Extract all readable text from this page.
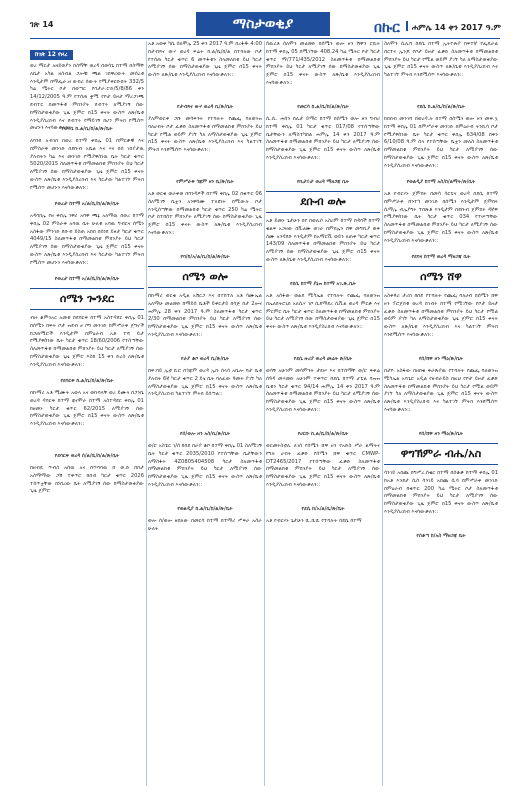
ገጽ 14	ማስታወቂያ	በኩር ሐምሌ 14 ቀን 2017 ዓ.ም
ከገጽ 12 የዞረ

ወረ ማርታ አዘይወያን በስማቸ ወረዳ በወሳጌ ከተማ በስማቸ ለኬታ አካል ዘስብል ጋሎቹ ጫል ገበዋሪውት መሰረቱ እንዲታም በማፌራ.ዘ ውበሪ ሰውት የሚያቀርቡበት 332/5 ካሬ ሜትር ቦታ በወጣር የባታራ.ሮድ/5/8/86 ቀን 14/12/2005 ዓ.ም የተሰጠ ቋሚ የቦታ ይዞታ ማረጋገጫ ደብተር በመጥፋቱ ምክንያት ደብተሩ ለሚያገኝ ሰው ከማስታወቂያው ጊዜ ጀምሮ በ15 ቀናት ውስጥ ለጽ/ቤቱ እንዲያስረክብ እና ደብተሩ የማይገኝ ከሆነ ምትክ የሚሰጥ መሆኑን እናሳውቃለን::

የወሳጌ ከ.ል/ቤ/ከ/ል/ጽ/ቤት

ለባንክ አብገበ በወረ ከተማ ቀበሌ 01 በምርቃዊ እና በምስራቅ መንገድ በደቡብ አቤል እና ሃና በሰ ገበያታዉ ያሉበትን ካሬ እና መንገድ የሚያዋስነዉ ቤት ካርታ ቁጥር 5020/2015 ስለመጥፋቱ በማመልከቱ ምክንያት ይህ ካርታ ለሚያገኝ ሰው ከማስታወቂያው ጊዜ ጀምሮ በ15 ቀናት ውስጥ ለጽ/ቤቱ እንዲያስረክብ እና ካርታው ካልተገኘ ምትክ የሚሰጥ መሆኑን እናሳውቃለን::

የወረታ ከተማ አ/ል/ቤ/ከ/ል/ጽ/ቤት

አዳባክሌ የዘ ቀበሌ ነዋሪ አባዋ ጫኔ አለማዉ በወረ ከተማ ቀበሌ 02 ምስራቅ አባዉ ቤት ሁለቱ አባዉ ግብርና ሰሜን አስፋው ምንገድ ደቡብ ይስጠ አበበ በሰነደ ይዞታ ካርታ ቁጥር 4049/15 ስለመጥፋቱ በማመልከቱ ምክንያት ይህ ካርታ ለሚያገኝ ሰው ከማስታወቂያው ጊዜ ጀምሮ በ15 ቀናት ውስጥ ለጽ/ቤቱ እንዲያስረክብ እና ካርታው ካልተገኘ ምትክ የሚሰጥ መሆኑን እናሳውቃለን::

የወረታ ከተማ አ/ል/ቤ/ከ/ል/ጽ/ቤት
ሰሜን ጐንደር

ብዙ ቆምንአር አመቱ በደባርቅ ከተማ አስተዳደር ቀበሌ 01 በሰሜን ከፍት ቦታ ዝደብ ፀ ቦግ መንገድ ከምሥራቅ ጀግኖች ከጋጠሚሮች እንዲታም በምዕራብ አቶ ተሻ ይታ የሚያዋስነው ቤት ካርታ ቁጥር 18/60/2006 የተሰጣቸው ስለመጥፋቱ በማመልከቱ ምክንያት ይህ ካርታ ለሚያገኝ ሰው ከማስታወቂያው ጊዜ ጀምሮ እስከ 15 ቀን ድረስ ለጽ/ቤቱ እንዲያስረክብ እናሳውቃለን::

የደባርቅ ከ.ል/ቤ/ከ/ል/ጽ/ቤት

በኩማሪ አቶ ሚሙት አወላ አና ወኩባላቸ ወረ ይሙላ በጋንቤ ወረዳ ዳባርቅ ከተማ ጃናሞራ ከተማ አስተዳደር ቀበሌ 01 ከዘመኑ ካርታ ቁጥር 62/2015 ለሚያገኝ ሰው ከማስታወቂያው ጊዜ ጀምሮ በ15 ቀናት ውስጥ ለጽ/ቤቱ እንዲያስረክብ እናሳውቃለን::

የደባርቅ ወረዳ ሰ/ል/ቤ/ከ/ል/ጽ/ቤት

በዘብዴ ጥብስ አሰዉ አና በጥባባዉ ሸ ወ.ድ ከበታ አስማማው ጋሽ ተቀጥሮ ከበብ ካርታ ቁጥር 2026 ተሰጥቷቸው ከነበረው ቤት ለሚያገኝ ሰው ከማስታወቂያው ጊዜ ጀምሮ

አቶ አወቀ ካሴ ሰለሞሌ 25 ቀን 2017 ዓ.ም ከረፋዱ 4:00 በታብጻና ውሃ ወረዳ ፍሬት ከ.ል/ቤ/ከ/ል በተባለው ቦታ የተሰጠ ካርታ ቁጥር 6 መጥፋቱን ስላመለከቱ ይህ ካርታ ለሚያገኝ ሰው ከማስታወቂያው ጊዜ ጀምሮ በ15 ቀናት ውስጥ ለጽ/ቤቱ እንዲያስረክብ እናሳውቃለን::

የታብጻና ውሃ ወረዳ ቤ/ጽ/ቤት

ያለምወርቅ ጋሹ መሳፍንት የተባሉት የጨፌ ባለወንዝ ባለሀብት ቦታ ፈቃድ ስለመጥፋቱ በማመልከቱ ምክንያት ይህ ካርታ የሚል ወይም ያገኘ ካለ ለማስታወቂያው ጊዜ ጀምሮ በ15 ቀናት ውስጥ ለጽ/ቤቱ እንዲያስረክብ እና ካልተገኘ ምትክ እንደሚሰጥ እናሳውቃለን::

የምሥራቅ ጎጃም ዞን ቤ/ጽ/ቤት

አቶ ወርቁ ወራቀወ በባንዳዎች ከተማ ቀበሌ 02 በቁጥር 06 ስለሚገኝ ቤቷን አንዋሳሙ ተለዩነት በሚውሉ ቦታ እንዲሰጣቸው በማመልከቱ ካርታ ቁጥር 250 ካሬ ሜትር ቦታ በተከሰተ ምክንያት ለሚያገኝ ሰው ከማስታወቂያው ጊዜ ጀምሮ በ15 ቀናት ውስጥ ለጽ/ቤቱ እንዲያስረክብ እናሳውቃለን::

የባ/ከ/አ/ል/ቤ/ከ/ል/ጽ/ቤት
ሰሜን ወሎ

በኩማሪ ወርቁ አዲል አሽርጋ እና በተከተለ አቶ ሳሙኤል አለማሁ መሀመድ ከማይሰ ቤቶች ይቅርታይ ከሳጅ ከታ 2ሎና ሐምሌ 28 ቀን 2017 ዓ.ም ስለመጥፋቱ ካርታ ቁጥር 2/30 በማመልከቱ ምክንያት ይህ ካርታ ለሚያገኝ ሰው ከማስታወቂያው ጊዜ ጀምሮ በ15 ቀናት ውስጥ ለጽ/ቤቱ እንዲያስረክብ እናሳውቃለን::

የራያ ቆቦ ወረዳ ቤ/ጽ/ቤት

በፍ.ባይ ኢቲ ኪሮ በጎጃም ወረዳ ኢኩ ሰላሳ አቤሎ ባታ ቤቱ ያሉበት 6ኛ ካርታ ቁጥር 2 ይሄ ቤት ባለፈው ዓመት ያገኘ ካለ ለማስታወቂያው ጊዜ ጀምሮ በ15 ቀናት ውስጥ ለጽ/ቤቱ እንዲያስረክብ ካልተገኘ ምትክ ይሰጣል::

የሰ/ወሎ ዞን አስ/ቤ/ጽ/ቤት

ወ/ሮ አስቴር ገ/ሰ ከበደ በራያ ቆቦ ከተማ ቀበሌ 01 ስለሚገኝ ቤት ካርታ ቁጥር 2035/2010 የተሰጣቸው ቤታቸውን ለማስፋት 4Z0805404508 ካርታ ስለመጥፋቱ በማመልከቱ ምክንያት ይህ ካርታ ለሚያገኝ ሰው ከማስታወቂያው ጊዜ ጀምሮ በ15 ቀናት ውስጥ ለጽ/ቤቱ እንዲያስረክብ እናሳውቃለን::

የወልዲያ ከ.ል/ቤ/ከ/ል/ጽ/ቤት

ወሎ ሰ/ወሎ ዘበለው በመርሳ ከተማ በተማሪ ሥፍራ አስራ ሁለት

ሰዉሪቶ ሰለሞን መሀመድ በሰሜን ወሎ ዞን ሽዋን ሮቢት ከተማ ቀበሌ 05 በሚገኘው 408.24 ካሬ ሜትር ቦታ ካርታ ቁጥር ማ/771/435/2012 ስለመጥፋቱ በማመልከቱ ምክንያት ይህ ካርታ ለሚያገኝ ሰው ከማስታወቂያው ጊዜ ጀምሮ በ15 ቀናት ውስጥ ለጽ/ቤቱ እንዲያስረክብ እናሳውቃለን::

የመርሳ ከ.ል/ቤ/ከ/ል/ጽ/ቤት

ሲ.ሲ. ሐሰን በሊታ ይማር ከተማ በሰሜን ወሎ ዞን ግብሪ ከተማ ቀበሌ 01 ካርታ ቁጥር 017/08 የተሰጣቸው ቤታቸውን ለማስተካከል ሐምሌ 14 ቀን 2017 ዓ.ም ስለመጥፋቱ በማመልከቱ ምክንያት ይህ ካርታ ለሚያገኝ ሰው ከማስታወቂያው ጊዜ ጀምሮ በ15 ቀናት ውስጥ ለጽ/ቤቱ እንዲያስረክብ እናሳውቃለን::

የቢታይታ ወረዳ ማዘጋጃ ቤት
ደቡብ ወሎ

አቶ ይመኑ ጌታሁን በየ በወሊሶ አስሪም ከተማ በዳባች ከተማ ቁልፍ አጋዛው በቪሀሙ ወገራ በምክሌን ሸዋ መግቢያ ወቅ ስሙ አንዳደድ እንዲታም ከአማሮቪ ወይን ለጠቅ ካርታ ቁጥር 143/09 ስለመጥፋቱ በማመልከቱ ምክንያት ይህ ካርታ ለሚያገኝ ሰው ከማስታወቂያው ጊዜ ጀምሮ በ15 ቀናት ውስጥ ለጽ/ቤቱ እንዲያስረክብ እናሳውቃለን::

የደሴ ከተማ ያኔዝ ከተማ አገ.ጽ.ቤት

አቶ አሰፋው ወልደ ሚካኤል የተባሉት የጨፌ ባለወንዝ በኤለክትሮኒክ አለሲሃ ገቦ ሲደማደረ ሲቪል ወረዳ ምርቃ እና ምርምር ቤት ካርታ ቁጥር ስለመጥፋቱ በማመልከቱ ምክንያት ይህ ካርታ ለሚያገኝ ሰው ከማስታወቂያው ጊዜ ጀምሮ በ15 ቀናት ውስጥ ለጽ/ቤቱ እንዲያስረክብ እናሳውቃለን::

የደሴ ዙሪያ ወረዳ መሬት ጽ/ቤት

ወሳኝ አሁንም መሳምንት ታደሠ እና በተሰማቸ ወ/ሮ ፍቅሬ ሰዓዳ መሃመድ አሁንም ተቀጥሮ ከደሴ ከተማ ሆቴል ባዝዝ ቤቱን ካርታ ቁጥር 94/14 ሐምሌ 14 ቀን 2017 ዓ.ም ስለመጥፋቱ በማመልከቱ ምክንያት ይህ ካርታ ለሚያገኝ ሰው ከማስታወቂያው ጊዜ ጀምሮ በ15 ቀናት ውስጥ ለጽ/ቤቱ እንዲያስረክብ እናሳውቃለን::

የሀርቡ ከ.ል/ቤ/ከ/ል/ጽ/ቤት

ወርመሩስቲሊ ለገሰ የሰሜን ሸዋ ዞን የአድስ ሥራ ልማትና የግሉ ሀብት ፈቃድ የሰሜን ሸዋ ቁጥር CMWP- DT2465/2017 የተሰጣቸው ፈቃድ ስለመጥፋቱ በማመልከቱ ምክንያት ይህ ካርታ ለሚያገኝ ሰው ከማስታወቂያው ጊዜ ጀምሮ በ15 ቀናት ውስጥ ለጽ/ቤቱ እንዲያስረክብ እናሳውቃለን::

የደሴ ከ/አ/ል/ቤ/ጽ/ቤት

አቶ የብርሃኑ ጌታሁን ሺ.ሺሺ የተባሉት ከደሴ ከተማ

ስለሞን ሲሊሻ ከደሴ ከተማ ኢትዮጵያ ከፍተኛ የፌዴራል ሸርተና ኢንጆ የቦታ ይዞታ ፈቃድ ስለመጥፋቱ በማመልከቱ ምክንያት ይህ ካርታ የሚል ወይም ያገኘ ካለ ለማስታወቂያው ጊዜ ጀምሮ በ15 ቀናት ውስጥ ለጽ/ቤቱ እንዲያስረክብ እና ካልተገኘ ምትክ እንደሚሰጥ እናሳውቃለን::

የደሴ ከ.ል/ቤ/ከ/ል/ጽ/ቤት

ከበበብ መንገሻ በወረዳ.ሉ ከተማ በሰሜን ወሎ ዞን መቀ.ኳ ከተማ ቀበሌ 01 በምሥራቅ መንገድ በምዕራብ ትንቢሳ ቦታ የሚያዋስነው ቤት ካርታ ቁጥር ቀበሌ 634/08 በቀን 6/10/08 ዓ.ም ሰላ የተሰጣቸው ቤቷን መለስ ስለመጥፋቱ በማመልከቱ ምክንያት ይህ ካርታ ለሚያገኝ ሰው ከማስታወቂያው ጊዜ ጀምሮ በ15 ቀናት ውስጥ ለጽ/ቤቱ እንዲያስረክብ እናሳውቃለን::

የወልዲያ ከተማ አስ/ከ/ልማት/ጽ/ቤት

አቶ የብርሃኑ ጀምበሩ በመሳ ሳርቴና ወረዳ በደሴ ከተማ በምሥራቅ ሸንተጎ መንገድ ከሰሜን እንዲታም ጀምበሩ ሲማሌ ብሌያግሩ ተበጽቶ እንዲታም በደቡብ ጀምበሩ ዳኛዋ የሚያዋስነው ቤት ካርታ ቁጥር 034 የተሠጣቸው ስለመጥፋቱ በማመልከቱ ምክንያት ይህ ካርታ ለሚያገኝ ሰው ከማስታወቂያው ጊዜ ጀምሮ በ15 ቀናት ውስጥ ለጽ/ቤቱ እንዲያስረክብ እናሳውቃለን::

የደባና ከተማ ወረዳ ማዘጋጃ ቤት
ሰሜን ሸዋ

አስቀጳሪ ታሪክ ከበደ የተባሉት የጨፌ ባለሀብ በሰሜን ሸዋ ዞን ፕሮጀክቱ ወረዳ በገብሩ ከተማ የሚገኘው የቦታ ይዞታ ፈቃድ ስለመጥፋቱ በማመልከቱ ምክንያት ይህ ካርታ የሚል ወይም ያገኘ ካለ ለማስታወቂያው ጊዜ ጀምሮ በ15 ቀናት ውስጥ ለጽ/ቤቱ እንዲያስረክብ እና ካልተገኘ ምትክ እንደሚሰጥ እናሳውቃለን::

የሰ/ሸዋ ዞን ማዕ/ጽ/ቤት

በታዮ አስፋው በዘበቁ ቀራጽያዉ የተባሉት የጨፌ ባለወንዝ ሚካኤል አባጌሮ አዲል የዘብራይስ በዚህ የቦታ ይዞታ ፈቃድ ስለመጥፋቱ በማመልከቱ ምክንያት ይህ ካርታ የሚል ወይም ያገኘ ካለ ለማስታወቂያው ጊዜ ጀምሮ በ15 ቀናት ውስጥ ለጽ/ቤቱ እንዲያስረክብ እና ካልተገኘ ምትክ እንደሚሰጥ እናሳውቃለን::

የሰ/ሸዋ ዞን ማዕ/ጽ/ቤት
ዋግኽምራ ብሔ/አስ

ሳንገይ አበጨ በግሥረ.ሰቄር ከተማ በሰቆቃ ከተማ ቀበሌ 01 ከአቶ እንደታ ሲሰ ሳንገይ አበጨ ሲሳ በምሥራቅ መንገድ በምዕራብ ከቁጥር 200 ካሬ ሜትር ቦታ ስለመጥፋቱ በማመልከቱ ምክንያት ይህ ካርታ ለሚያገኝ ሰው ከማስታወቂያው ጊዜ ጀምሮ በ15 ቀናት ውስጥ ለጽ/ቤቱ እንዲያስረክብ እናሳውቃለን::

የሰቆጣ ከ/አስ ማዘጋጃ ቤት
